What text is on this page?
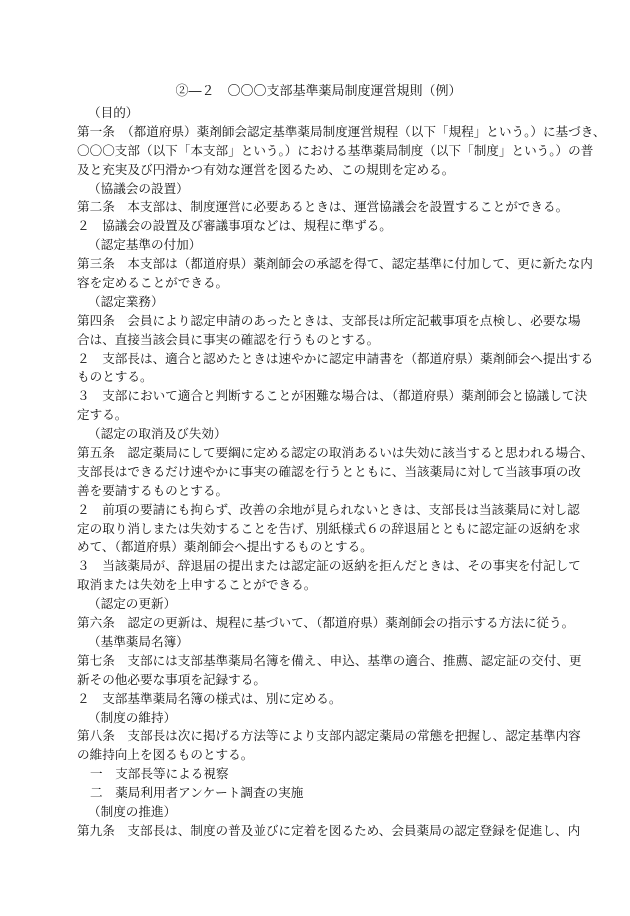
②―２　〇〇〇支部基準薬局制度運営規則（例）
（目的）
第一条　（都道府県）薬剤師会認定基準薬局制度運営規程（以下「規程」という。）に基づき、
〇〇〇支部（以下「本支部」という。）における基準薬局制度（以下「制度」という。）の普
及と充実及び円滑かつ有効な運営を図るため、この規則を定める。
（協議会の設置）
第二条　本支部は、制度運営に必要あるときは、運営協議会を設置することができる。
２　協議会の設置及び審議事項などは、規程に準ずる。
（認定基準の付加）
第三条　本支部は（都道府県）薬剤師会の承認を得て、認定基準に付加して、更に新たな内
容を定めることができる。
（認定業務）
第四条　会員により認定申請のあったときは、支部長は所定記載事項を点検し、必要な場
合は、直接当該会員に事実の確認を行うものとする。
２　支部長は、適合と認めたときは速やかに認定申請書を（都道府県）薬剤師会へ提出する
ものとする。
３　支部において適合と判断することが困難な場合は、（都道府県）薬剤師会と協議して決
定する。
（認定の取消及び失効）
第五条　認定薬局にして要綱に定める認定の取消あるいは失効に該当すると思われる場合、
支部長はできるだけ速やかに事実の確認を行うとともに、当該薬局に対して当該事項の改
善を要請するものとする。
２　前項の要請にも拘らず、改善の余地が見られないときは、支部長は当該薬局に対し認
定の取り消しまたは失効することを告げ、別紙様式６の辞退届とともに認定証の返納を求
めて、（都道府県）薬剤師会へ提出するものとする。
３　当該薬局が、辞退届の提出または認定証の返納を拒んだときは、その事実を付記して
取消または失効を上申することができる。
（認定の更新）
第六条　認定の更新は、規程に基づいて、（都道府県）薬剤師会の指示する方法に従う。
（基準薬局名簿）
第七条　支部には支部基準薬局名簿を備え、申込、基準の適合、推薦、認定証の交付、更
新その他必要な事項を記録する。
２　支部基準薬局名簿の様式は、別に定める。
（制度の維持）
第八条　支部長は次に掲げる方法等により支部内認定薬局の常態を把握し、認定基準内容
の維持向上を図るものとする。
一　支部長等による視察
二　薬局利用者アンケート調査の実施
（制度の推進）
第九条　支部長は、制度の普及並びに定着を図るため、会員薬局の認定登録を促進し、内
